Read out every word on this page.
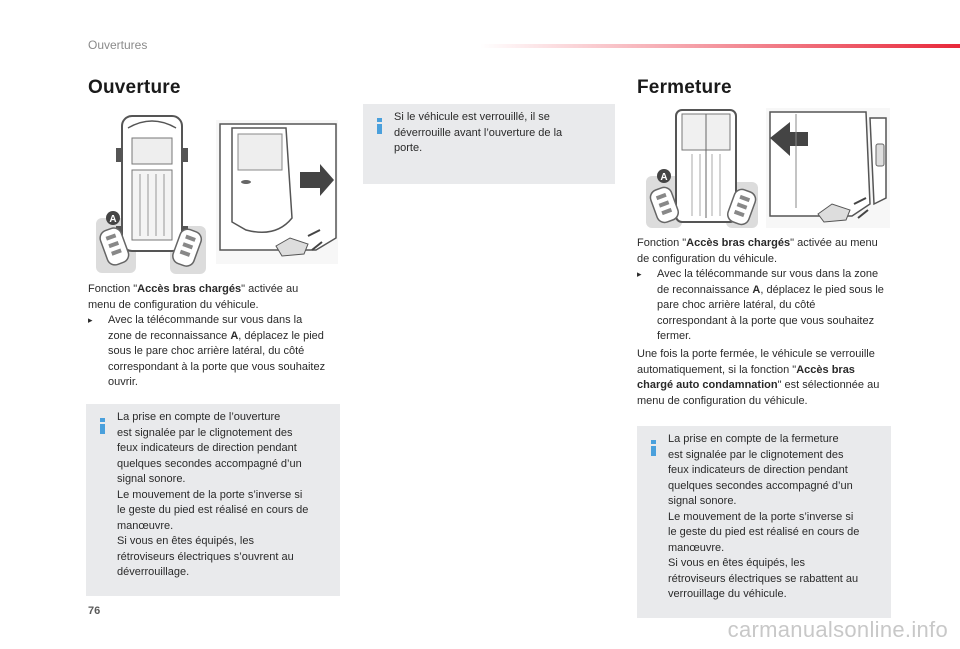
Ouvertures
Ouverture
A

Fonction "Accès bras chargés" activée au menu de configuration du véhicule.

▸ Avec la télécommande sur vous dans la zone de reconnaissance A, déplacez le pied sous le pare choc arrière latéral, du côté correspondant à la porte que vous souhaitez ouvrir.

La prise en compte de l’ouverture
est signalée par le clignotement des
feux indicateurs de direction pendant
quelques secondes accompagné d’un
signal sonore.
Le mouvement de la porte s’inverse si
le geste du pied est réalisé en cours de
manœuvre.
Si vous en êtes équipés, les
rétroviseurs électriques s’ouvrent au
déverrouillage.
Si le véhicule est verrouillé, il se
déverrouille avant l’ouverture de la
porte.
Fermeture
A

Fonction "Accès bras chargés" activée au menu de configuration du véhicule.

▸ Avec la télécommande sur vous dans la zone de reconnaissance A, déplacez le pied sous le pare choc arrière latéral, du côté correspondant à la porte que vous souhaitez fermer.

Une fois la porte fermée, le véhicule se verrouille automatiquement, si la fonction "Accès bras chargé auto condamnation" est sélectionnée au menu de configuration du véhicule.

La prise en compte de la fermeture
est signalée par le clignotement des
feux indicateurs de direction pendant
quelques secondes accompagné d’un
signal sonore.
Le mouvement de la porte s’inverse si
le geste du pied est réalisé en cours de
manœuvre.
Si vous en êtes équipés, les
rétroviseurs électriques se rabattent au
verrouillage du véhicule.
76
carmanualsonline.info
